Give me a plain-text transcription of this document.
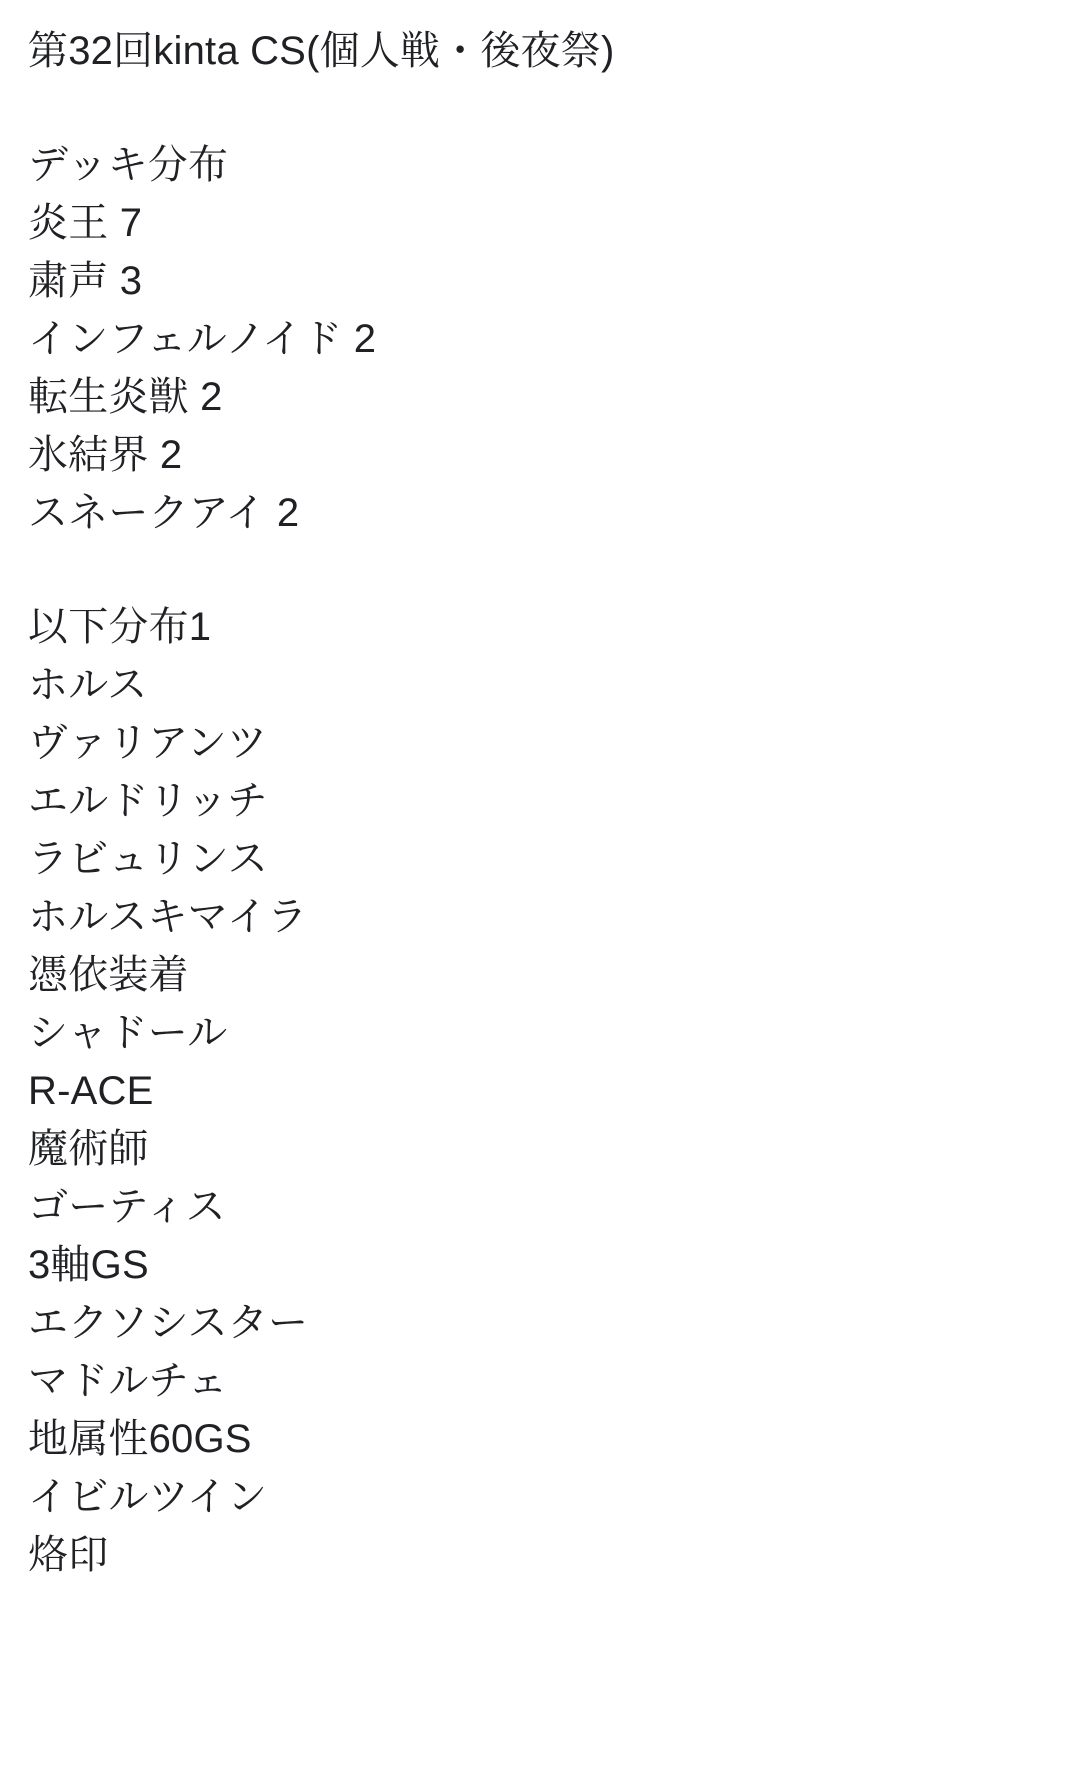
第32回kinta CS(個人戦・後夜祭)
デッキ分布
炎王 7
粛声 3
インフェルノイド 2
転生炎獣 2
氷結界 2
スネークアイ 2
以下分布1
ホルス
ヴァリアンツ
エルドリッチ
ラビュリンス
ホルスキマイラ
憑依装着
シャドール
R-ACE
魔術師
ゴーティス
3軸GS
エクソシスター
マドルチェ
地属性60GS
イビルツイン
烙印
